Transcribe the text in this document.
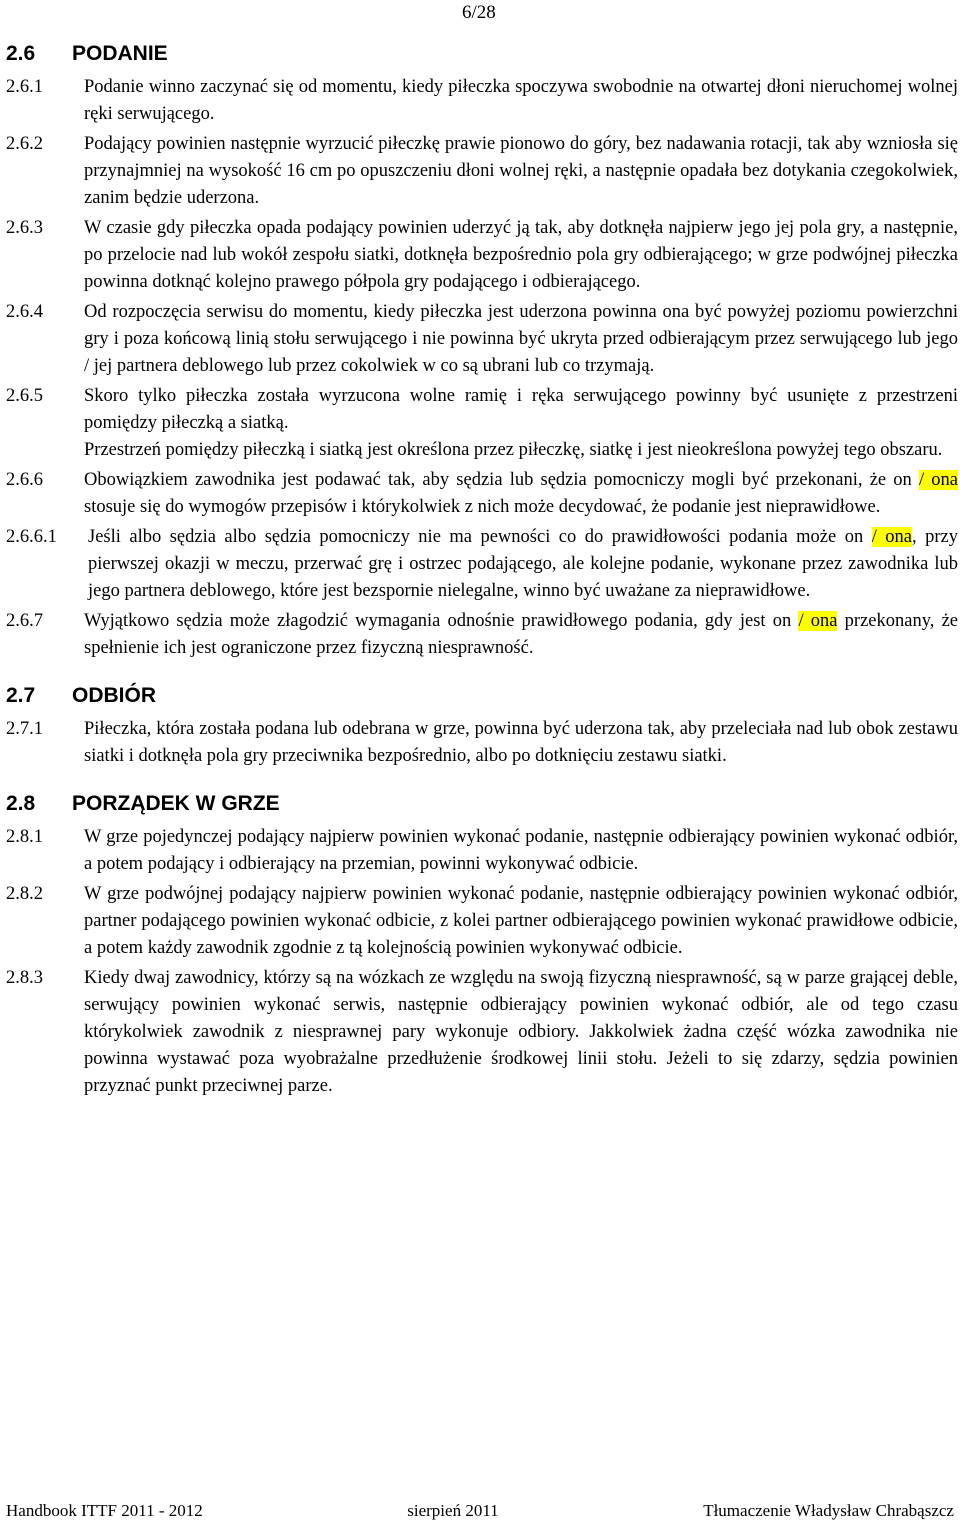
6/28
2.6	PODANIE
2.6.1	Podanie winno zaczynać się od momentu, kiedy piłeczka spoczywa swobodnie na otwartej dłoni nieruchomej wolnej ręki serwującego.

2.6.2	Podający powinien następnie wyrzucić piłeczkę prawie pionowo do góry, bez nadawania rotacji, tak aby wzniosła się przynajmniej na wysokość 16 cm po opuszczeniu dłoni wolnej ręki, a następnie opadała bez dotykania czegokolwiek, zanim będzie uderzona.

2.6.3	W czasie gdy piłeczka opada podający powinien uderzyć ją tak, aby dotknęła najpierw jego jej pola gry, a następnie, po przelocie nad lub wokół zespołu siatki, dotknęła bezpośrednio pola gry odbierającego; w grze podwójnej piłeczka powinna dotknąć kolejno prawego półpola gry podającego i odbierającego.

2.6.4	Od rozpoczęcia serwisu do momentu, kiedy piłeczka jest uderzona powinna ona być powyżej poziomu powierzchni gry i poza końcową linią stołu serwującego i nie powinna być ukryta przed odbierającym przez serwującego lub jego / jej partnera deblowego lub przez cokolwiek w co są ubrani lub co trzymają.

2.6.5	Skoro tylko piłeczka została wyrzucona wolne ramię i ręka serwującego powinny być usunięte z przestrzeni pomiędzy piłeczką a siatką.

Przestrzeń pomiędzy piłeczką i siatką jest określona przez piłeczkę, siatkę i jest nieokreślona powyżej tego obszaru.

2.6.6	Obowiązkiem zawodnika jest podawać tak, aby sędzia lub sędzia pomocniczy mogli być przekonani, że on / ona stosuje się do wymogów przepisów i którykolwiek z nich może decydować, że podanie jest nieprawidłowe.

2.6.6.1	Jeśli albo sędzia albo sędzia pomocniczy nie ma pewności co do prawidłowości podania może on / ona, przy pierwszej okazji w meczu, przerwać grę i ostrzec podającego, ale kolejne podanie, wykonane przez zawodnika lub jego partnera deblowego, które jest bezspornie nielegalne, winno być uważane za nieprawidłowe.

2.6.7	Wyjątkowo sędzia może złagodzić wymagania odnośnie prawidłowego podania, gdy jest on / ona przekonany, że spełnienie ich jest ograniczone przez fizyczną niesprawność.

2.7	ODBIÓR
2.7.1	Piłeczka, która została podana lub odebrana w grze, powinna być uderzona tak, aby przeleciała nad lub obok zestawu siatki i dotknęła pola gry przeciwnika bezpośrednio, albo po dotknięciu zestawu siatki.

2.8	PORZĄDEK W GRZE
2.8.1	W grze pojedynczej podający najpierw powinien wykonać podanie, następnie odbierający powinien wykonać odbiór, a potem podający i odbierający na przemian, powinni wykonywać odbicie.

2.8.2	W grze podwójnej podający najpierw powinien wykonać podanie, następnie odbierający powinien wykonać odbiór, partner podającego powinien wykonać odbicie, z kolei partner odbierającego powinien wykonać prawidłowe odbicie, a potem każdy zawodnik zgodnie z tą kolejnością powinien wykonywać odbicie.

2.8.3	Kiedy dwaj zawodnicy, którzy są na wózkach ze względu na swoją fizyczną niesprawność, są w parze grającej deble, serwujący powinien wykonać serwis, następnie odbierający powinien wykonać odbiór, ale od tego czasu którykolwiek zawodnik z niesprawnej pary wykonuje odbiory. Jakkolwiek żadna część wózka zawodnika nie powinna wystawać poza wyobrażalne przedłużenie środkowej linii stołu. Jeżeli to się zdarzy, sędzia powinien przyznać punkt przeciwnej parze.

Handbook ITTF 2011 - 2012	sierpień 2011	Tłumaczenie Władysław Chrabąszcz
